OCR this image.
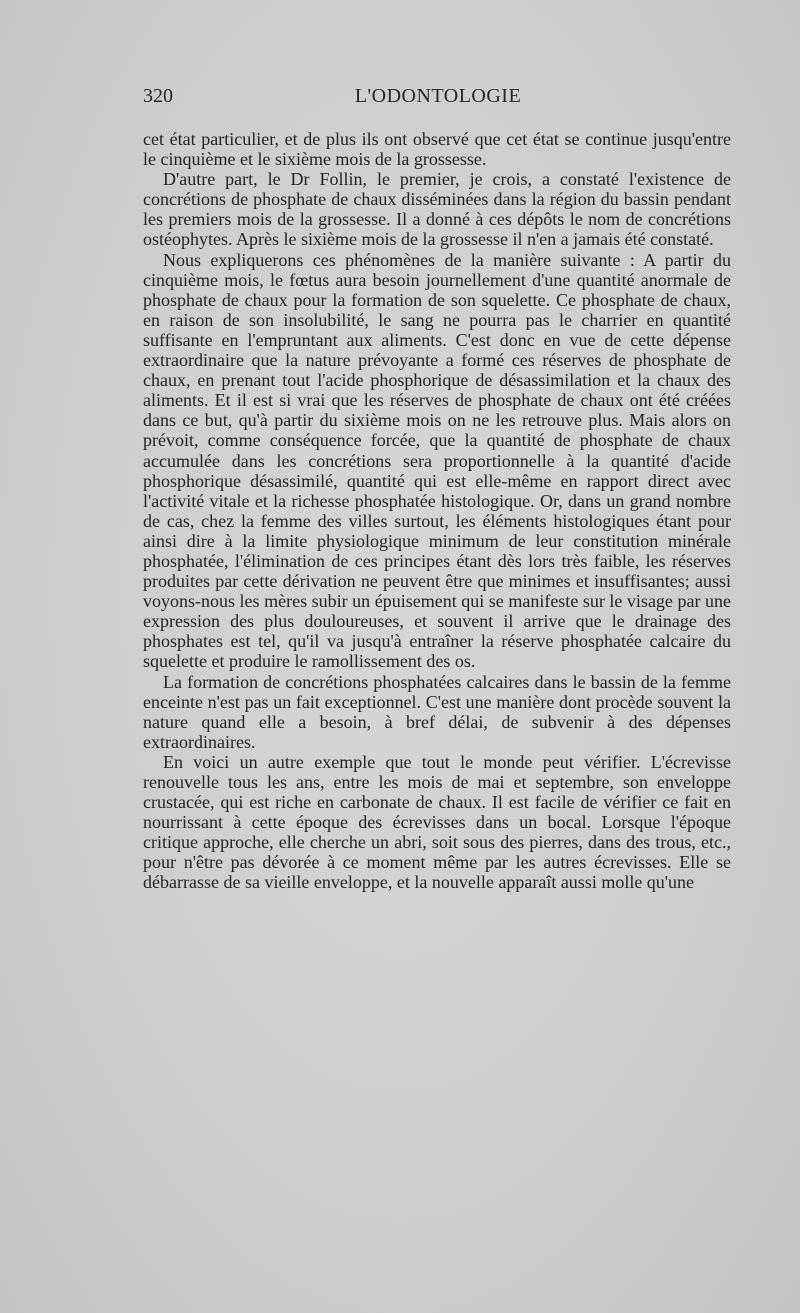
320	L'ODONTOLOGIE

cet état particulier, et de plus ils ont observé que cet état se continue jusqu'entre le cinquième et le sixième mois de la grossesse.

D'autre part, le Dr Follin, le premier, je crois, a constaté l'existence de concrétions de phosphate de chaux disséminées dans la région du bassin pendant les premiers mois de la grossesse. Il a donné à ces dépôts le nom de concrétions ostéophytes. Après le sixième mois de la grossesse il n'en a jamais été constaté.

Nous expliquerons ces phénomènes de la manière suivante : A partir du cinquième mois, le fœtus aura besoin journellement d'une quantité anormale de phosphate de chaux pour la formation de son squelette. Ce phosphate de chaux, en raison de son insolubilité, le sang ne pourra pas le charrier en quantité suffisante en l'empruntant aux aliments. C'est donc en vue de cette dépense extraordinaire que la nature prévoyante a formé ces réserves de phosphate de chaux, en prenant tout l'acide phosphorique de désassimilation et la chaux des aliments. Et il est si vrai que les réserves de phosphate de chaux ont été créées dans ce but, qu'à partir du sixième mois on ne les retrouve plus. Mais alors on prévoit, comme conséquence forcée, que la quantité de phosphate de chaux accumulée dans les concrétions sera proportionnelle à la quantité d'acide phosphorique désassimilé, quantité qui est elle-même en rapport direct avec l'activité vitale et la richesse phosphatée histologique. Or, dans un grand nombre de cas, chez la femme des villes surtout, les éléments histologiques étant pour ainsi dire à la limite physiologique minimum de leur constitution minérale phosphatée, l'élimination de ces principes étant dès lors très faible, les réserves produites par cette dérivation ne peuvent être que minimes et insuffisantes; aussi voyons-nous les mères subir un épuisement qui se manifeste sur le visage par une expression des plus douloureuses, et souvent il arrive que le drainage des phosphates est tel, qu'il va jusqu'à entraîner la réserve phosphatée calcaire du squelette et produire le ramollissement des os.

La formation de concrétions phosphatées calcaires dans le bassin de la femme enceinte n'est pas un fait exceptionnel. C'est une manière dont procède souvent la nature quand elle a besoin, à bref délai, de subvenir à des dépenses extraordinaires.

En voici un autre exemple que tout le monde peut vérifier. L'écrevisse renouvelle tous les ans, entre les mois de mai et septembre, son enveloppe crustacée, qui est riche en carbonate de chaux. Il est facile de vérifier ce fait en nourrissant à cette époque des écrevisses dans un bocal. Lorsque l'époque critique approche, elle cherche un abri, soit sous des pierres, dans des trous, etc., pour n'être pas dévorée à ce moment même par les autres écrevisses. Elle se débarrasse de sa vieille enveloppe, et la nouvelle apparaît aussi molle qu'une
